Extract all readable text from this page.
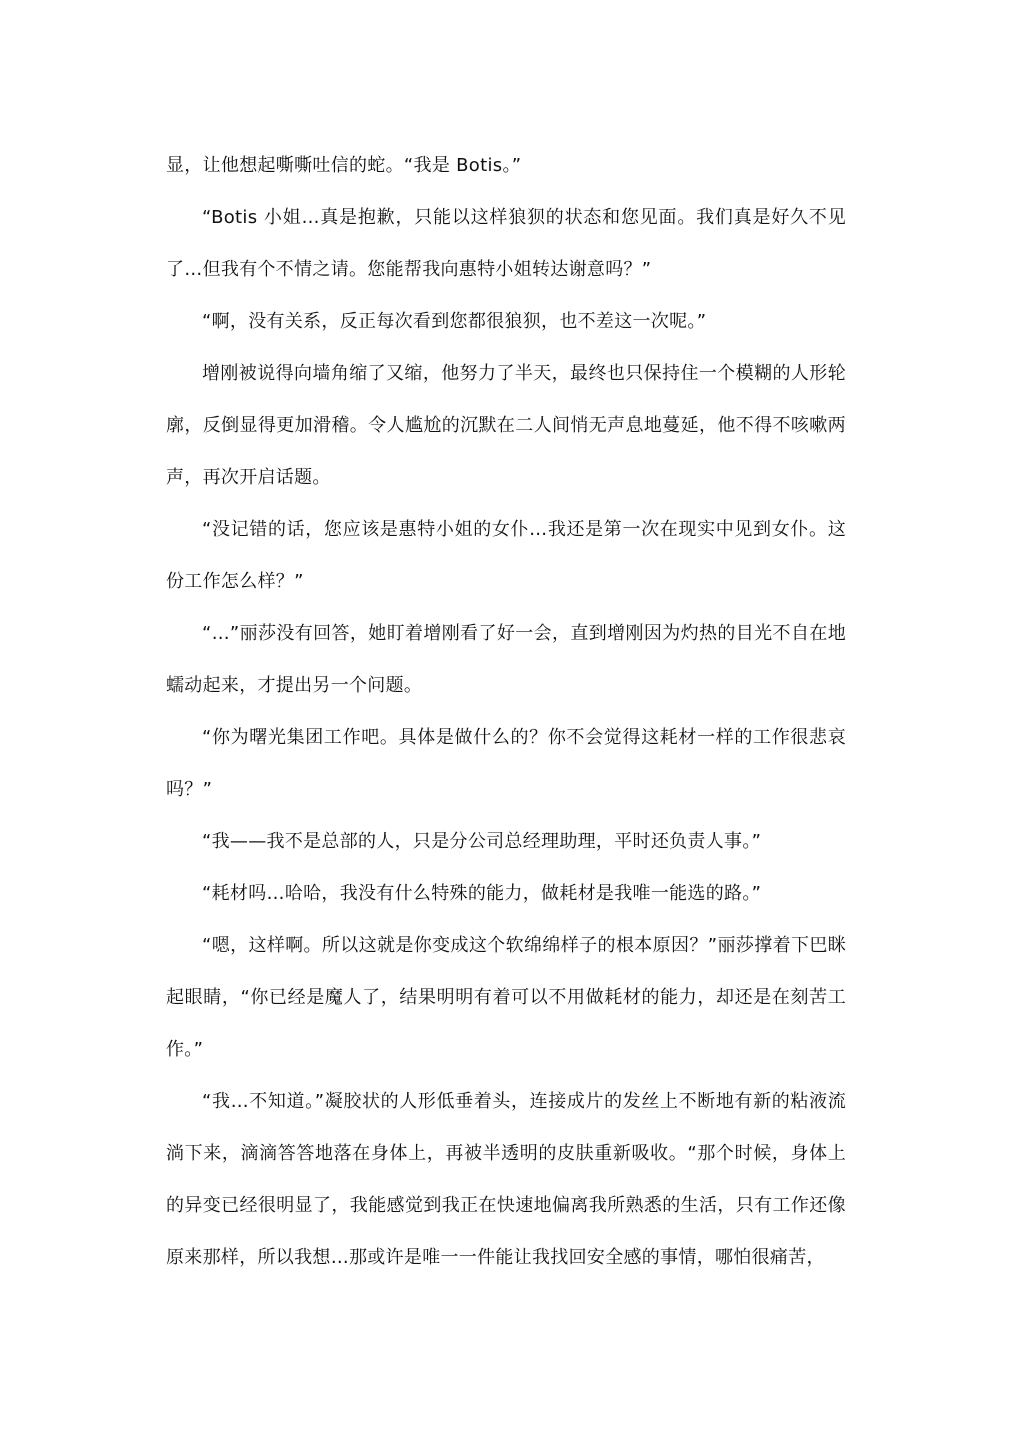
显，让他想起嘶嘶吐信的蛇。“我是 Botis。”

“Botis 小姐…真是抱歉，只能以这样狼狈的状态和您见面。我们真是好久不见了…但我有个不情之请。您能帮我向惠特小姐转达谢意吗？”

“啊，没有关系，反正每次看到您都很狼狈，也不差这一次呢。”

增刚被说得向墙角缩了又缩，他努力了半天，最终也只保持住一个模糊的人形轮廓，反倒显得更加滑稽。令人尴尬的沉默在二人间悄无声息地蔓延，他不得不咳嗽两声，再次开启话题。

“没记错的话，您应该是惠特小姐的女仆…我还是第一次在现实中见到女仆。这份工作怎么样？”

“…”丽莎没有回答，她盯着增刚看了好一会，直到增刚因为灼热的目光不自在地蠕动起来，才提出另一个问题。

“你为曙光集团工作吧。具体是做什么的？你不会觉得这耗材一样的工作很悲哀吗？”

“我——我不是总部的人，只是分公司总经理助理，平时还负责人事。”

“耗材吗…哈哈，我没有什么特殊的能力，做耗材是我唯一能选的路。”

“嗯，这样啊。所以这就是你变成这个软绵绵样子的根本原因？”丽莎撑着下巴眯起眼睛，“你已经是魔人了，结果明明有着可以不用做耗材的能力，却还是在刻苦工作。”

“我…不知道。”凝胶状的人形低垂着头，连接成片的发丝上不断地有新的粘液流淌下来，滴滴答答地落在身体上，再被半透明的皮肤重新吸收。“那个时候，身体上的异变已经很明显了，我能感觉到我正在快速地偏离我所熟悉的生活，只有工作还像原来那样，所以我想…那或许是唯一一件能让我找回安全感的事情，哪怕很痛苦，
